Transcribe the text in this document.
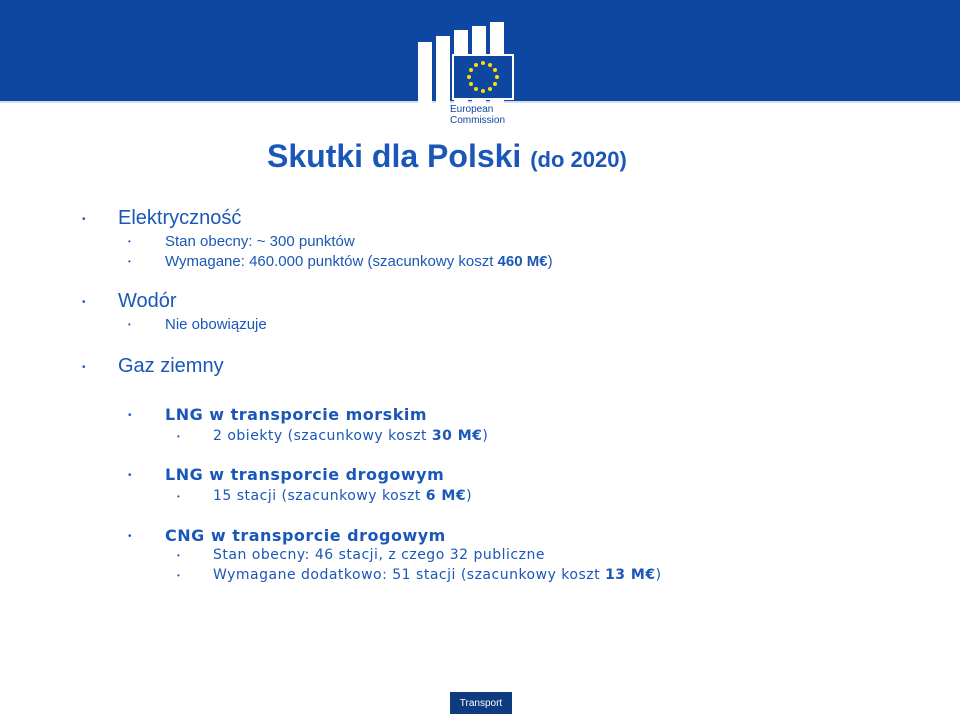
European
Commission
Skutki dla Polski (do 2020)
• Elektryczność
• Stan obecny: ~ 300 punktów
• Wymagane: 460.000 punktów (szacunkowy koszt 460 M€)
• Wodór
• Nie obowiązuje
• Gaz ziemny
• LNG w transporcie morskim
• 2 obiekty (szacunkowy koszt 30 M€)
• LNG w transporcie drogowym
• 15 stacji (szacunkowy koszt 6 M€)
• CNG w transporcie drogowym
• Stan obecny: 46 stacji, z czego 32 publiczne
• Wymagane dodatkowo: 51 stacji (szacunkowy koszt 13 M€)
Transport
